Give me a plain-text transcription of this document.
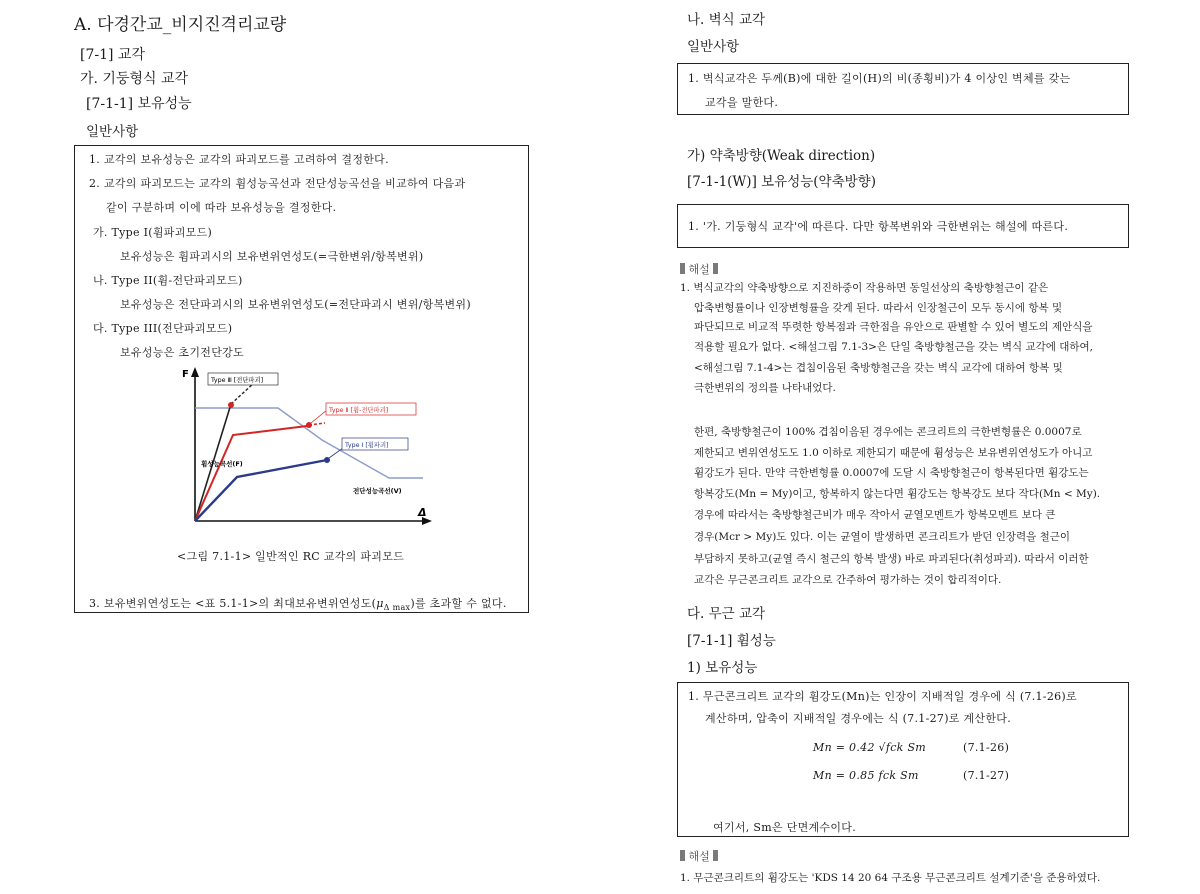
A. 다경간교_비지진격리교량
[7-1] 교각
가. 기둥형식 교각
[7-1-1] 보유성능
일반사항
1. 교각의 보유성능은 교각의 파괴모드를 고려하여 결정한다.
2. 교각의 파괴모드는 교각의 휨성능곡선과 전단성능곡선을 비교하여 다음과
같이 구분하며 이에 따라 보유성능을 결정한다.
가. Type Ⅰ(휨파괴모드)
보유성능은 휨파괴시의 보유변위연성도(=극한변위/항복변위)
나. Type II(휨-전단파괴모드)
보유성능은 전단파괴시의 보유변위연성도(=전단파괴시 변위/항복변위)
다. Type III(전단파괴모드)
보유성능은 초기전단강도
F
Δ
Type Ⅲ [전단파괴]
Type Ⅱ [휨-전단파괴]
Type Ⅰ [휨파괴]
휨성능곡선(F)
전단성능곡선(V)
<그림 7.1-1> 일반적인 RC 교각의 파괴모드
3. 보유변위연성도는 <표 5.1-1>의 최대보유변위연성도$(\mu_{\Delta max})$를 초과할 수 없다.
나. 벽식 교각
일반사항
1. 벽식교각은 두께(B)에 대한 길이(H)의 비(종횡비)가 4 이상인 벽체를 갖는
교각을 말한다.
가) 약축방향(Weak direction)
[7-1-1(W)] 보유성능(약축방향)
1. '가. 기둥형식 교각'에 따른다. 다만 항복변위와 극한변위는 해설에 따른다.
해설
1. 벽식교각의 약축방향으로 지진하중이 작용하면 동일선상의 축방향철근이 같은
압축변형률이나 인장변형률을 갖게 된다. 따라서 인장철근이 모두 동시에 항복 및
파단되므로 비교적 뚜렷한 항복점과 극한점을 유안으로 판별할 수 있어 별도의 제안식을
적용할 필요가 없다. <해설그림 7.1-3>은 단일 축방향철근을 갖는 벽식 교각에 대하여,
<해설그림 7.1-4>는 겹침이음된 축방향철근을 갖는 벽식 교각에 대하여 항복 및
극한변위의 정의를 나타내었다.
한편, 축방향철근이 100% 겹침이음된 경우에는 콘크리트의 극한변형률은 0.0007로
제한되고 변위연성도도 1.0 이하로 제한되기 때문에 휨성능은 보유변위연성도가 아니고
휨강도가 된다. 만약 극한변형률 0.0007에 도달 시 축방향철근이 항복된다면 휨강도는
항복강도(Mn = My)이고, 항복하지 않는다면 휨강도는 항복강도 보다 작다(Mn < My).
경우에 따라서는 축방향철근비가 매우 작아서 균열모멘트가 항복모멘트 보다 큰
경우(Mcr > My)도 있다. 이는 균열이 발생하면 콘크리트가 받던 인장력을 철근이
부담하지 못하고(균열 즉시 철근의 항복 발생) 바로 파괴된다(취성파괴). 따라서 이러한
교각은 무근콘크리트 교각으로 간주하여 평가하는 것이 합리적이다.
다. 무근 교각
[7-1-1] 휨성능
1) 보유성능
1. 무근콘크리트 교각의 휨강도(Mn)는 인장이 지배적일 경우에 식 (7.1-26)로
계산하며, 압축이 지배적일 경우에는 식 (7.1-27)로 계산한다.
Mn = 0.42 √fck Sm	(7.1-26)
Mn = 0.85 fck Sm	(7.1-27)
여기서, Sm은 단면계수이다.
해설
1. 무근콘크리트의 휨강도는 'KDS 14 20 64 구조용 무근콘크리트 설계기준'을 준용하였다.
